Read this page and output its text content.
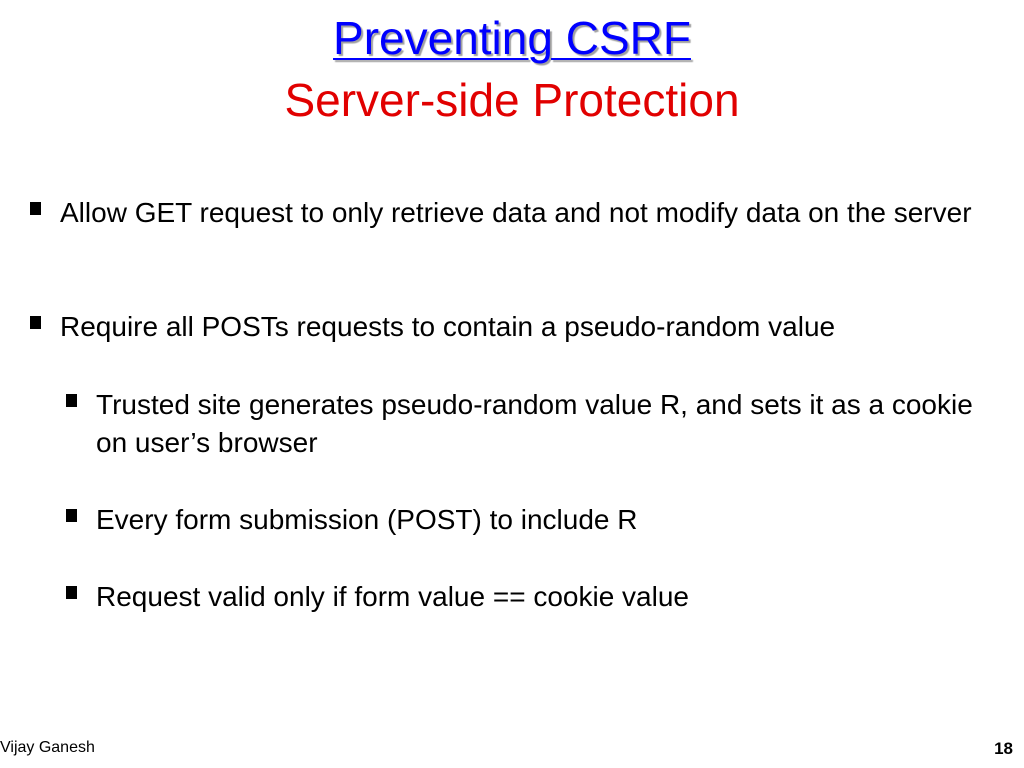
Preventing CSRF
Server-side Protection
Allow GET request to only retrieve data and not modify data on the server
Require all POSTs requests to contain a pseudo-random value
Trusted site generates pseudo-random value R, and sets it as a cookie on user’s browser
Every form submission (POST) to include R
Request valid only if form value == cookie value
Vijay Ganesh	18
